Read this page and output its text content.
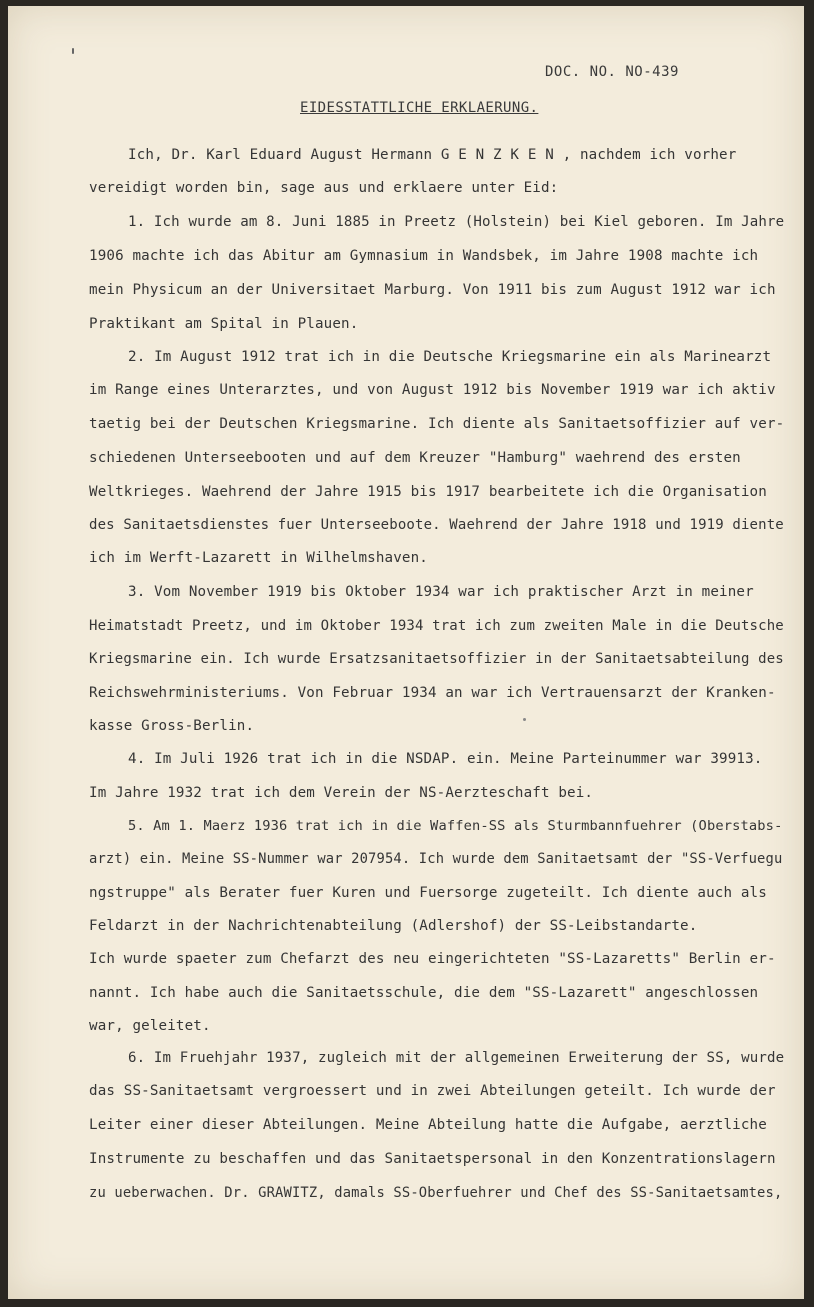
DOC. NO. NO-439
EIDESSTATTLICHE ERKLAERUNG.
Ich, Dr. Karl Eduard August Hermann G E N Z K E N , nachdem ich vorher
vereidigt worden bin, sage aus und erklaere unter Eid:
1. Ich wurde am 8. Juni 1885 in Preetz (Holstein) bei Kiel geboren. Im Jahre
1906 machte ich das Abitur am Gymnasium in Wandsbek, im Jahre 1908 machte ich
mein Physicum an der Universitaet Marburg. Von 1911 bis zum August 1912 war ich
Praktikant am Spital in Plauen.
2. Im August 1912 trat ich in die Deutsche Kriegsmarine ein als Marinearzt
im Range eines Unterarztes, und von August 1912 bis November 1919 war ich aktiv
taetig bei der Deutschen Kriegsmarine. Ich diente als Sanitaetsoffizier auf ver-
schiedenen Unterseebooten und auf dem Kreuzer "Hamburg" waehrend des ersten
Weltkrieges. Waehrend der Jahre 1915 bis 1917 bearbeitete ich die Organisation
des Sanitaetsdienstes fuer Unterseeboote. Waehrend der Jahre 1918 und 1919 diente
ich im Werft-Lazarett in Wilhelmshaven.
3. Vom November 1919 bis Oktober 1934 war ich praktischer Arzt in meiner
Heimatstadt Preetz, und im Oktober 1934 trat ich zum zweiten Male in die Deutsche
Kriegsmarine ein. Ich wurde Ersatzsanitaetsoffizier in der Sanitaetsabteilung des
Reichswehrministeriums. Von Februar 1934 an war ich Vertrauensarzt der Kranken-
kasse Gross-Berlin.
4. Im Juli 1926 trat ich in die NSDAP. ein. Meine Parteinummer war 39913.
Im Jahre 1932 trat ich dem Verein der NS-Aerzteschaft bei.
5. Am 1. Maerz 1936 trat ich in die Waffen-SS als Sturmbannfuehrer (Oberstabs-
arzt) ein. Meine SS-Nummer war 207954. Ich wurde dem Sanitaetsamt der "SS-Verfuegu
ngstruppe" als Berater fuer Kuren und Fuersorge zugeteilt. Ich diente auch als
Feldarzt in der Nachrichtenabteilung (Adlershof) der SS-Leibstandarte.
Ich wurde spaeter zum Chefarzt des neu eingerichteten "SS-Lazaretts" Berlin er-
nannt. Ich habe auch die Sanitaetsschule, die dem "SS-Lazarett" angeschlossen
war, geleitet.
6. Im Fruehjahr 1937, zugleich mit der allgemeinen Erweiterung der SS, wurde
das SS-Sanitaetsamt vergroessert und in zwei Abteilungen geteilt. Ich wurde der
Leiter einer dieser Abteilungen. Meine Abteilung hatte die Aufgabe, aerztliche
Instrumente zu beschaffen und das Sanitaetspersonal in den Konzentrationslagern
zu ueberwachen. Dr. GRAWITZ, damals SS-Oberfuehrer und Chef des SS-Sanitaetsamtes,
